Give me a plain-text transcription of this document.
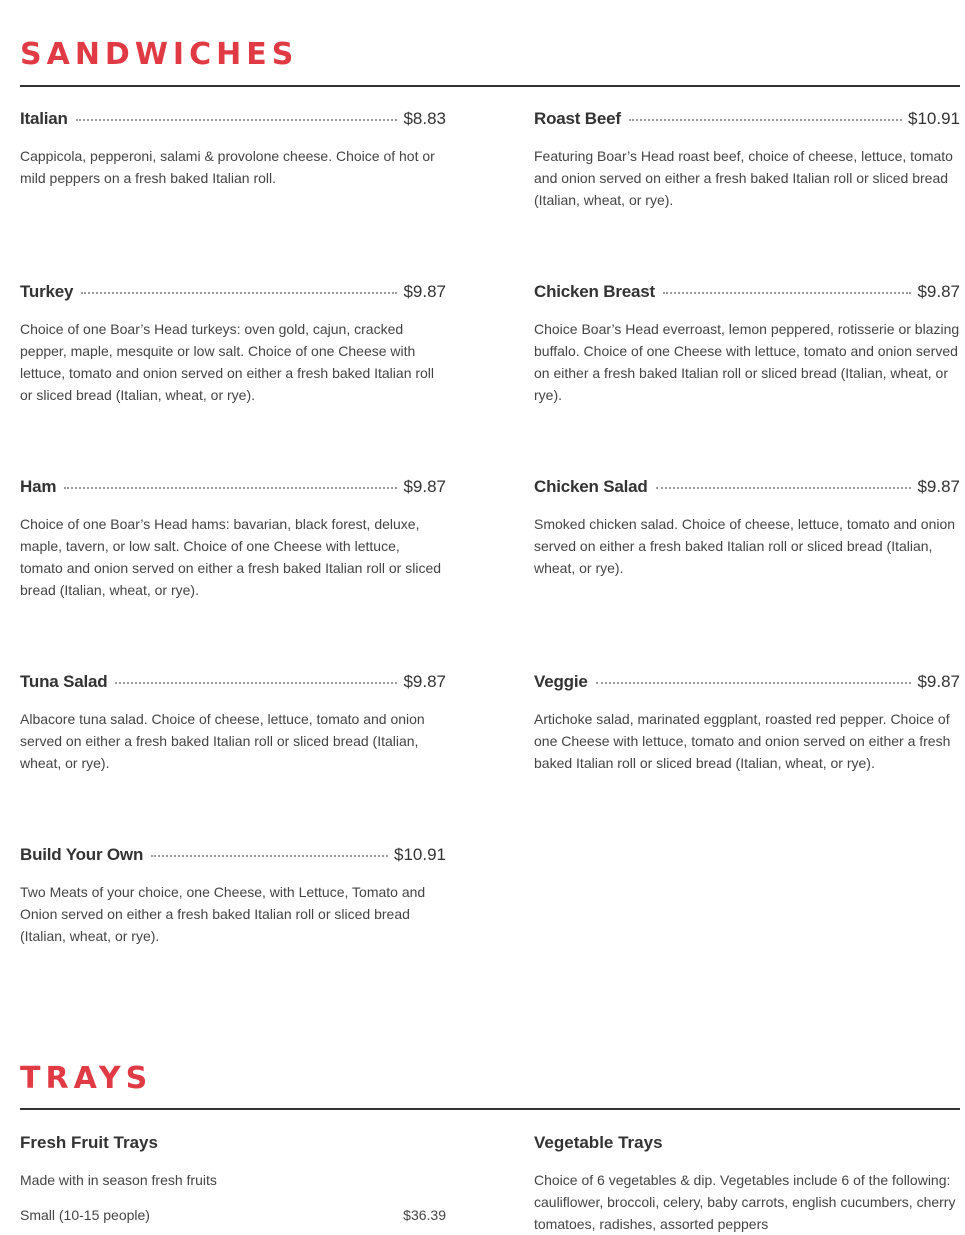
SANDWICHES
Italian	$8.83
Cappicola, pepperoni, salami & provolone cheese. Choice of hot or mild peppers on a fresh baked Italian roll.
Roast Beef	$10.91
Featuring Boar’s Head roast beef, choice of cheese, lettuce, tomato and onion served on either a fresh baked Italian roll or sliced bread (Italian, wheat, or rye).
Turkey	$9.87
Choice of one Boar’s Head turkeys: oven gold, cajun, cracked pepper, maple, mesquite or low salt. Choice of one Cheese with lettuce, tomato and onion served on either a fresh baked Italian roll or sliced bread (Italian, wheat, or rye).
Chicken Breast	$9.87
Choice Boar’s Head everroast, lemon peppered, rotisserie or blazing buffalo. Choice of one Cheese with lettuce, tomato and onion served on either a fresh baked Italian roll or sliced bread (Italian, wheat, or rye).
Ham	$9.87
Choice of one Boar’s Head hams: bavarian, black forest, deluxe, maple, tavern, or low salt. Choice of one Cheese with lettuce, tomato and onion served on either a fresh baked Italian roll or sliced bread (Italian, wheat, or rye).
Chicken Salad	$9.87
Smoked chicken salad. Choice of cheese, lettuce, tomato and onion served on either a fresh baked Italian roll or sliced bread (Italian, wheat, or rye).
Tuna Salad	$9.87
Albacore tuna salad. Choice of cheese, lettuce, tomato and onion served on either a fresh baked Italian roll or sliced bread (Italian, wheat, or rye).
Veggie	$9.87
Artichoke salad, marinated eggplant, roasted red pepper. Choice of one Cheese with lettuce, tomato and onion served on either a fresh baked Italian roll or sliced bread (Italian, wheat, or rye).
Build Your Own	$10.91
Two Meats of your choice, one Cheese, with Lettuce, Tomato and Onion served on either a fresh baked Italian roll or sliced bread (Italian, wheat, or rye).
TRAYS
Fresh Fruit Trays
Made with in season fresh fruits
Small (10-15 people)	$36.39
Vegetable Trays
Choice of 6 vegetables & dip. Vegetables include 6 of the following: cauliflower, broccoli, celery, baby carrots, english cucumbers, cherry tomatoes, radishes, assorted peppers
